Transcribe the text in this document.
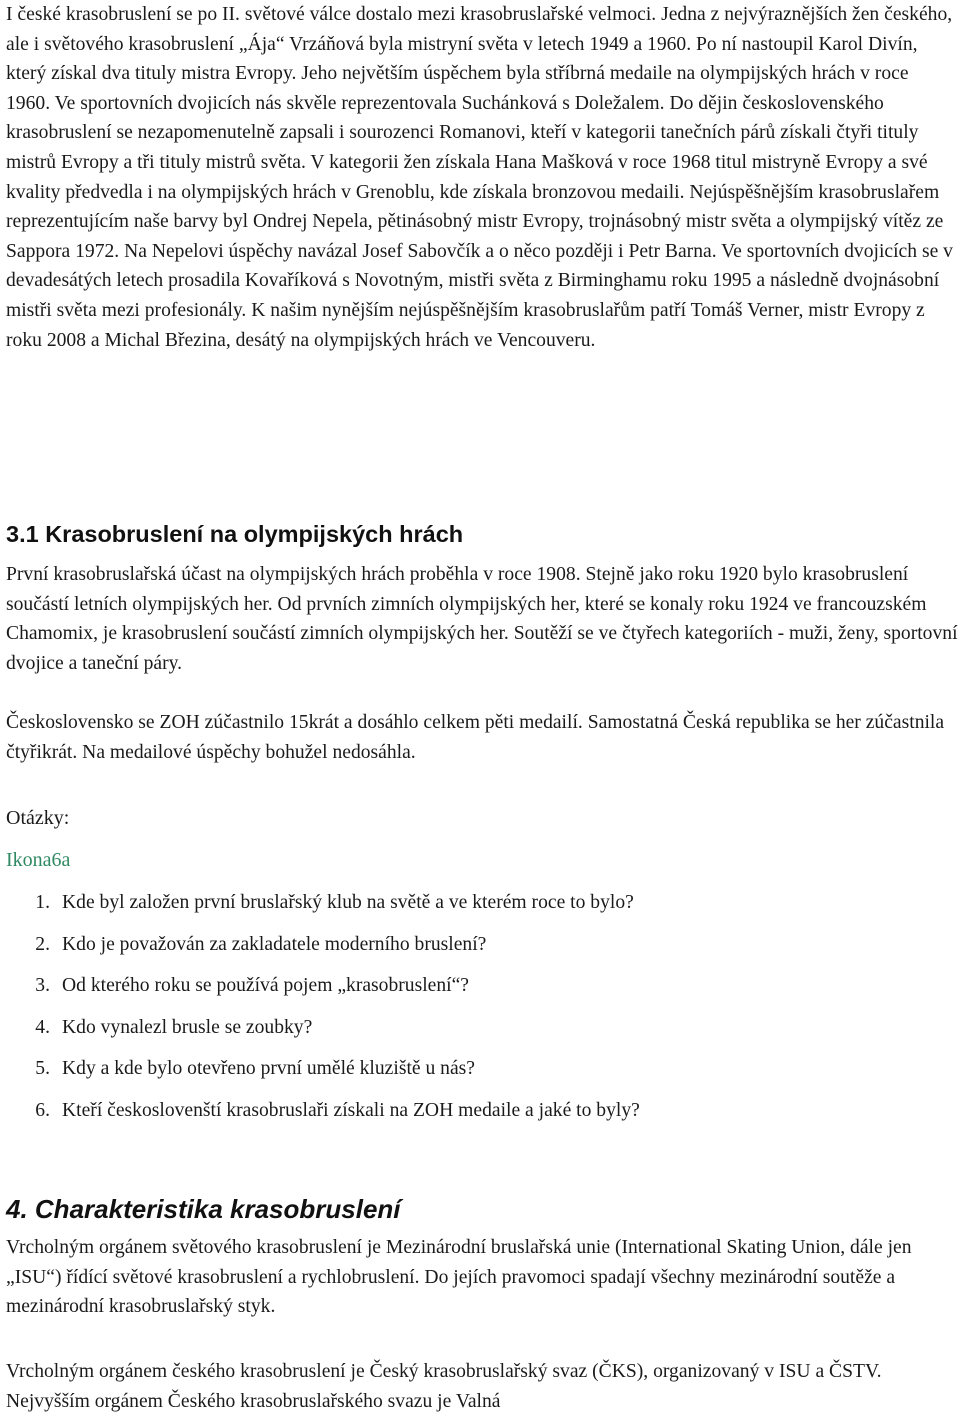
I české krasobruslení se po II. světové válce dostalo mezi krasobruslařské velmoci. Jedna z nejvýraznějších žen českého, ale i světového krasobruslení „Ája“ Vrzáňová byla mistryní světa v letech 1949 a 1960. Po ní nastoupil Karol Divín, který získal dva tituly mistra Evropy. Jeho největším úspěchem byla stříbrná medaile na olympijských hrách v roce 1960. Ve sportovních dvojicích nás skvěle reprezentovala Suchánková s Doležalem. Do dějin československého krasobruslení se nezapomenutelně zapsali i sourozenci Romanovi, kteří v kategorii tanečních párů získali čtyři tituly mistrů Evropy a tři tituly mistrů světa. V kategorii žen získala Hana Mašková v roce 1968 titul mistryně Evropy a své kvality předvedla i na olympijských hrách v Grenoblu, kde získala bronzovou medaili. Nejúspěšnějším krasobruslařem reprezentujícím naše barvy byl Ondrej Nepela, pětinásobný mistr Evropy, trojnásobný mistr světa a olympijský vítěz ze Sappora 1972. Na Nepelovi úspěchy navázal Josef Sabovčík a o něco později i Petr Barna. Ve sportovních dvojicích se v devadesátých letech prosadila Kovaříková s Novotným, mistři světa z Birminghamu roku 1995 a následně dvojnásobní mistři světa mezi profesionály. K našim nynějším nejúspěšnějším krasobruslařům patří Tomáš Verner, mistr Evropy z roku 2008 a Michal Březina, desátý na olympijských hrách ve Vencouveru.

3.1 Krasobruslení na olympijských hrách

První krasobruslařská účast na olympijských hrách proběhla v roce 1908. Stejně jako roku 1920 bylo krasobruslení součástí letních olympijských her. Od prvních zimních olympijských her, které se konaly roku 1924 ve francouzském Chamomix, je krasobruslení součástí zimních olympijských her. Soutěží se ve čtyřech kategoriích - muži, ženy, sportovní dvojice a taneční páry.

Československo se ZOH zúčastnilo 15krát a dosáhlo celkem pěti medailí. Samostatná Česká republika se her zúčastnila čtyřikrát. Na medailové úspěchy bohužel nedosáhla.

Otázky:
Ikona6a
1. Kde byl založen první bruslařský klub na světě a ve kterém roce to bylo?
2. Kdo je považován za zakladatele moderního bruslení?
3. Od kterého roku se používá pojem „krasobruslení“?
4. Kdo vynalezl brusle se zoubky?
5. Kdy a kde bylo otevřeno první umělé kluziště u nás?
6. Kteří českoslovenští krasobruslaři získali na ZOH medaile a jaké to byly?
4. Charakteristika krasobruslení

Vrcholným orgánem světového krasobruslení je Mezinárodní bruslařská unie (International Skating Union, dále jen „ISU“) řídící světové krasobruslení a rychlobruslení. Do jejích pravomoci spadají všechny mezinárodní soutěže a mezinárodní krasobruslařský styk.

Vrcholným orgánem českého krasobruslení je Český krasobruslařský svaz (ČKS), organizovaný v ISU a ČSTV. Nejvyšším orgánem Českého krasobruslařského svazu je Valná
